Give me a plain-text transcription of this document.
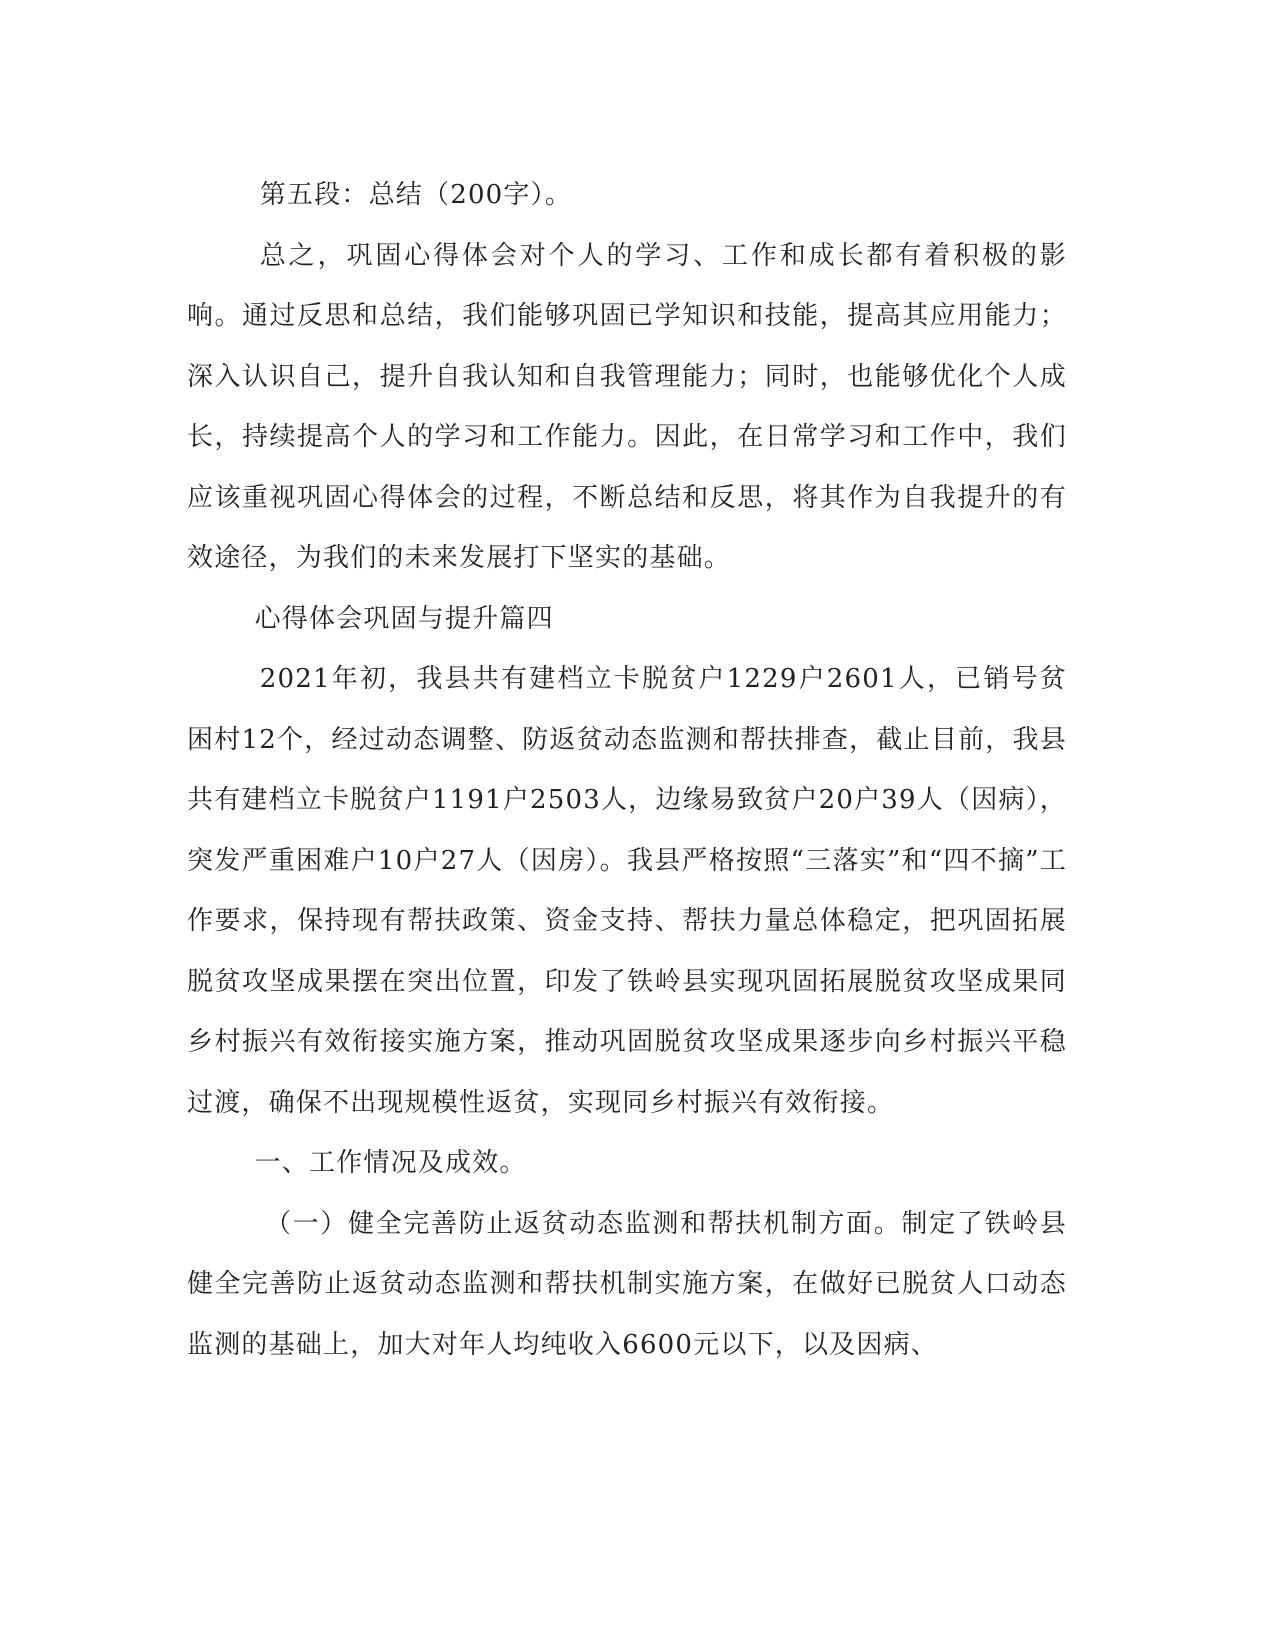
第五段：总结（200字）。

总之，巩固心得体会对个人的学习、工作和成长都有着积极的影响。通过反思和总结，我们能够巩固已学知识和技能，提高其应用能力；深入认识自己，提升自我认知和自我管理能力；同时，也能够优化个人成长，持续提高个人的学习和工作能力。因此，在日常学习和工作中，我们应该重视巩固心得体会的过程，不断总结和反思，将其作为自我提升的有效途径，为我们的未来发展打下坚实的基础。

心得体会巩固与提升篇四

2021年初，我县共有建档立卡脱贫户1229户2601人，已销号贫困村12个，经过动态调整、防返贫动态监测和帮扶排查，截止目前，我县共有建档立卡脱贫户1191户2503人，边缘易致贫户20户39人（因病），突发严重困难户10户27人（因房）。我县严格按照“三落实”和“四不摘”工作要求，保持现有帮扶政策、资金支持、帮扶力量总体稳定，把巩固拓展脱贫攻坚成果摆在突出位置，印发了铁岭县实现巩固拓展脱贫攻坚成果同乡村振兴有效衔接实施方案，推动巩固脱贫攻坚成果逐步向乡村振兴平稳过渡，确保不出现规模性返贫，实现同乡村振兴有效衔接。

一、工作情况及成效。

（一）健全完善防止返贫动态监测和帮扶机制方面。制定了铁岭县健全完善防止返贫动态监测和帮扶机制实施方案，在做好已脱贫人口动态监测的基础上，加大对年人均纯收入6600元以下，以及因病、
